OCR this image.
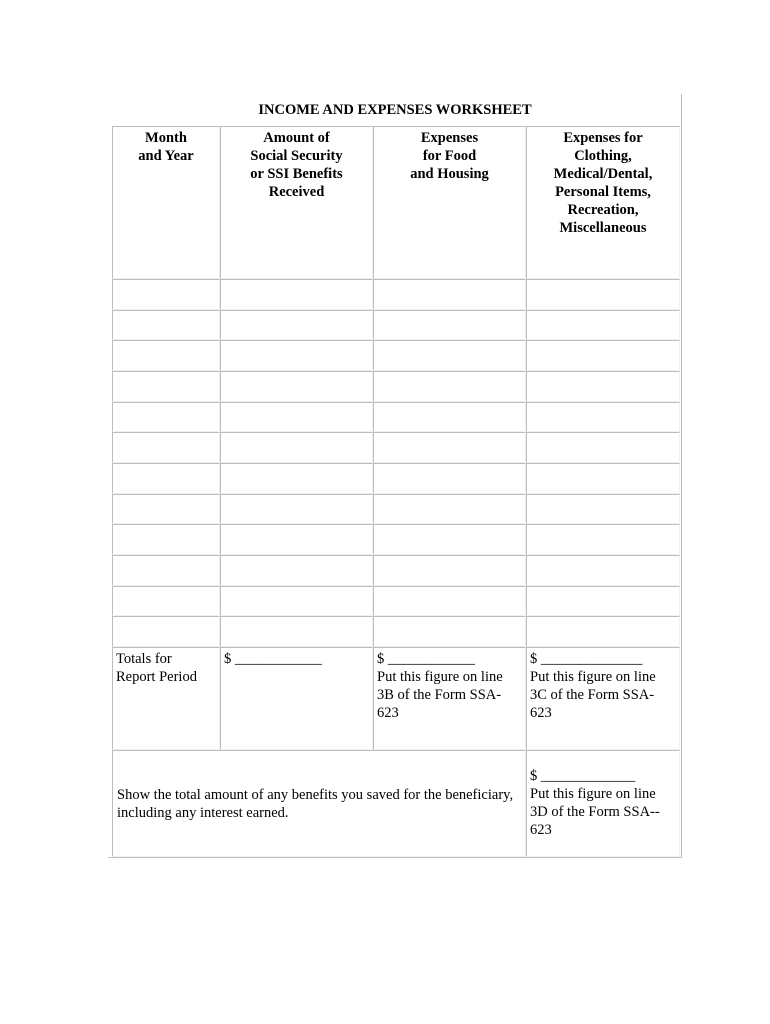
INCOME AND EXPENSES WORKSHEET
Month
and Year
Amount of
Social Security
or SSI Benefits
Received
Expenses
for Food
and Housing
Expenses for
Clothing,
Medical/Dental,
Personal Items,
Recreation,
Miscellaneous
Totals for
Report Period
$ ____________	$ ____________
Put this figure on line
3B of the Form SSA-
623
$ ______________
Put this figure on line
3C of the Form SSA-
623
Show the total amount of any benefits you saved for the beneficiary, including any interest earned.
$ _____________
Put this figure on line
3D of the Form SSA--
623
